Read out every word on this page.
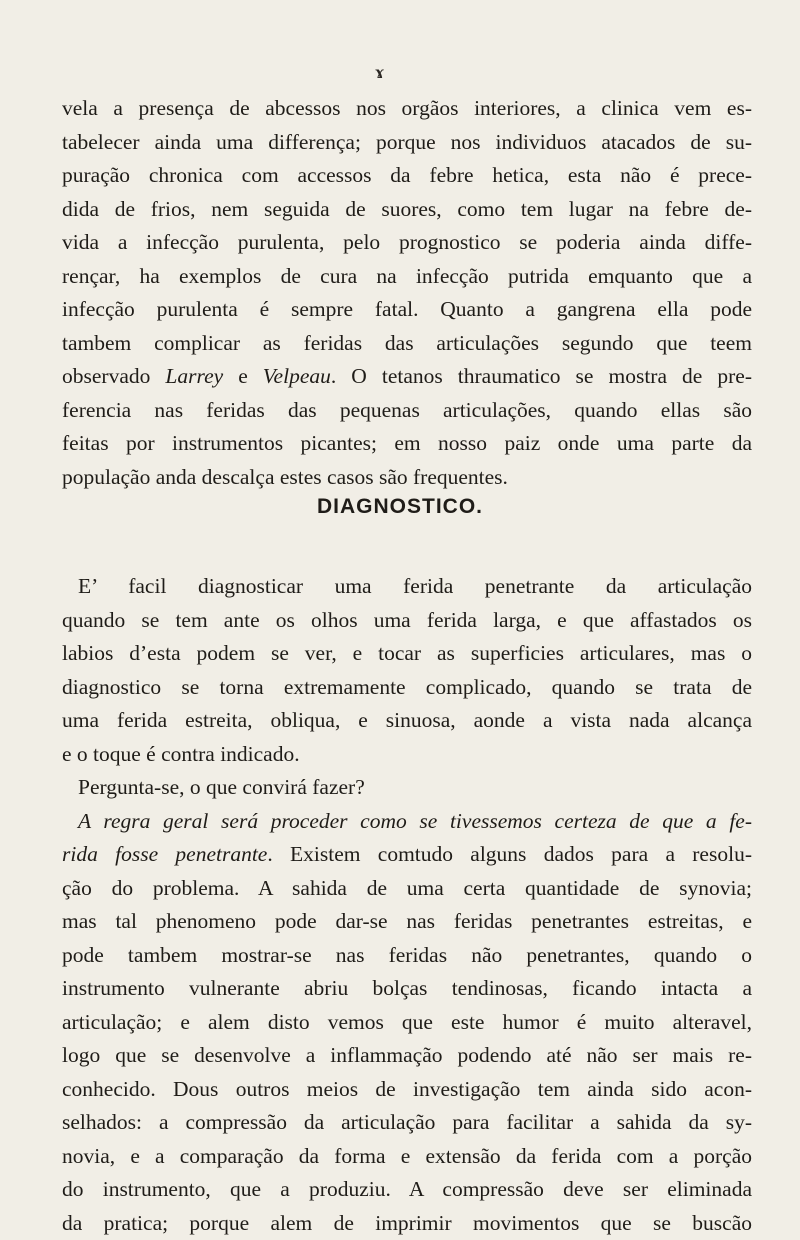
ɤ
vela a presença de abcessos nos orgãos interiores, a clinica vem es-
tabelecer ainda uma differença; porque nos individuos atacados de su-
puração chronica com accessos da febre hetica, esta não é prece-
dida de frios, nem seguida de suores, como tem lugar na febre de-
vida a infecção purulenta, pelo prognostico se poderia ainda diffe-
rençar, ha exemplos de cura na infecção putrida emquanto que a
infecção purulenta é sempre fatal. Quanto a gangrena ella pode
tambem complicar as feridas das articulações segundo que teem
observado Larrey e Velpeau. O tetanos thraumatico se mostra de pre-
ferencia nas feridas das pequenas articulações, quando ellas são
feitas por instrumentos picantes; em nosso paiz onde uma parte da
população anda descalça estes casos são frequentes.
DIAGNOSTICO.
E’ facil diagnosticar uma ferida penetrante da articulação
quando se tem ante os olhos uma ferida larga, e que affastados os
labios d’esta podem se ver, e tocar as superficies articulares, mas o
diagnostico se torna extremamente complicado, quando se trata de
uma ferida estreita, obliqua, e sinuosa, aonde a vista nada alcança
e o toque é contra indicado.
Pergunta-se, o que convirá fazer?
A regra geral será proceder como se tivessemos certeza de que a fe-
rida fosse penetrante. Existem comtudo alguns dados para a resolu-
ção do problema. A sahida de uma certa quantidade de synovia;
mas tal phenomeno pode dar-se nas feridas penetrantes estreitas, e
pode tambem mostrar-se nas feridas não penetrantes, quando o
instrumento vulnerante abriu bolças tendinosas, ficando intacta a
articulação; e alem disto vemos que este humor é muito alteravel,
logo que se desenvolve a inflammação podendo até não ser mais re-
conhecido. Dous outros meios de investigação tem ainda sido acon-
selhados: a compressão da articulação para facilitar a sahida da sy-
novia, e a comparação da forma e extensão da ferida com a porção
do instrumento, que a produziu. A compressão deve ser eliminada
da pratica; porque alem de imprimir movimentos que se buscão
